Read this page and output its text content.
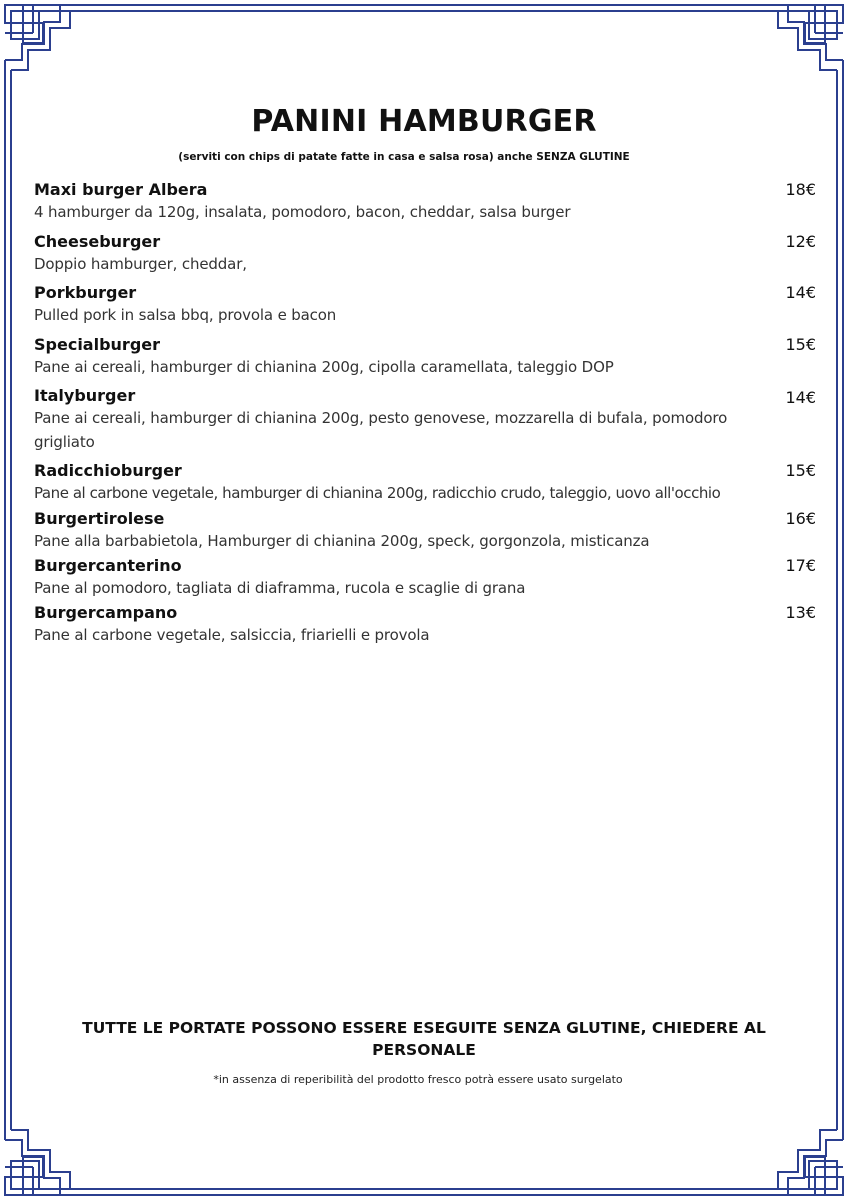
PANINI HAMBURGER
(serviti con chips di patate fatte in casa e salsa rosa) anche SENZA GLUTINE
Maxi burger Albera
4 hamburger da 120g, insalata, pomodoro, bacon, cheddar, salsa burger
18€
Cheeseburger
Doppio hamburger, cheddar,
12€
Porkburger
Pulled pork in salsa bbq, provola e bacon
14€
Specialburger
Pane ai cereali, hamburger di chianina 200g, cipolla caramellata, taleggio DOP
15€
Italyburger
Pane ai cereali, hamburger di chianina 200g, pesto genovese, mozzarella di bufala, pomodoro grigliato
14€
Radicchioburger
Pane al carbone vegetale, hamburger di chianina 200g, radicchio crudo, taleggio, uovo all'occhio
15€
Burgertirolese
Pane alla barbabietola, Hamburger di chianina 200g, speck, gorgonzola, misticanza
16€
Burgercanterino
Pane al pomodoro, tagliata di diaframma, rucola e scaglie di grana
17€
Burgercampano
Pane al carbone vegetale, salsiccia, friarielli e provola
13€
TUTTE LE PORTATE POSSONO ESSERE ESEGUITE SENZA GLUTINE, CHIEDERE AL PERSONALE
*in assenza di reperibilità del prodotto fresco potrà essere usato surgelato
